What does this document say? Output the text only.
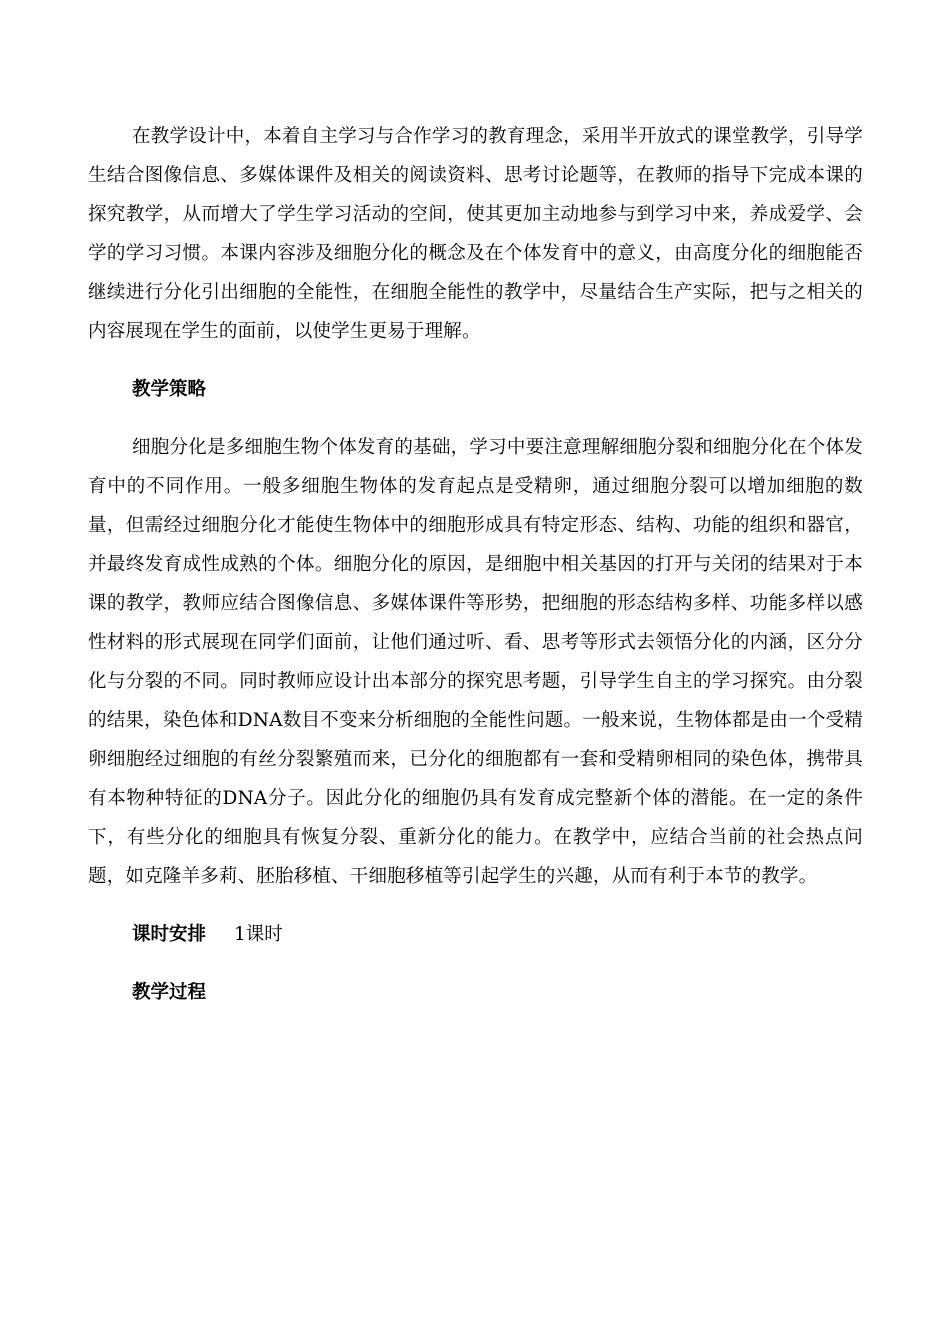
在教学设计中，本着自主学习与合作学习的教育理念，采用半开放式的课堂教学，引导学生结合图像信息、多媒体课件及相关的阅读资料、思考讨论题等，在教师的指导下完成本课的探究教学，从而增大了学生学习活动的空间，使其更加主动地参与到学习中来，养成爱学、会学的学习习惯。本课内容涉及细胞分化的概念及在个体发育中的意义，由高度分化的细胞能否继续进行分化引出细胞的全能性，在细胞全能性的教学中，尽量结合生产实际，把与之相关的内容展现在学生的面前，以使学生更易于理解。

教学策略

细胞分化是多细胞生物个体发育的基础，学习中要注意理解细胞分裂和细胞分化在个体发育中的不同作用。一般多细胞生物体的发育起点是受精卵，通过细胞分裂可以增加细胞的数量，但需经过细胞分化才能使生物体中的细胞形成具有特定形态、结构、功能的组织和器官，并最终发育成性成熟的个体。细胞分化的原因，是细胞中相关基因的打开与关闭的结果对于本课的教学，教师应结合图像信息、多媒体课件等形势，把细胞的形态结构多样、功能多样以感性材料的形式展现在同学们面前，让他们通过听、看、思考等形式去领悟分化的内涵，区分分化与分裂的不同。同时教师应设计出本部分的探究思考题，引导学生自主的学习探究。由分裂的结果，染色体和DNA数目不变来分析细胞的全能性问题。一般来说，生物体都是由一个受精卵细胞经过细胞的有丝分裂繁殖而来，已分化的细胞都有一套和受精卵相同的染色体，携带具有本物种特征的DNA分子。因此分化的细胞仍具有发育成完整新个体的潜能。在一定的条件下，有些分化的细胞具有恢复分裂、重新分化的能力。在教学中，应结合当前的社会热点问题，如克隆羊多莉、胚胎移植、干细胞移植等引起学生的兴趣，从而有利于本节的教学。

课时安排 1课时

教学过程
